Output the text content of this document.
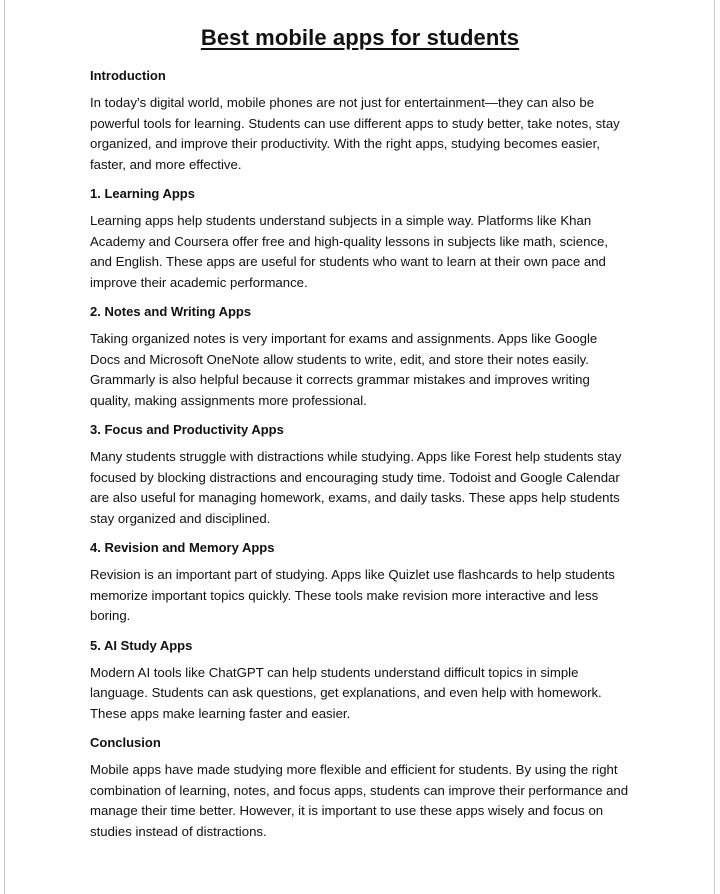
Best mobile apps for students

Introduction

In today’s digital world, mobile phones are not just for entertainment—they can also be powerful tools for learning. Students can use different apps to study better, take notes, stay organized, and improve their productivity. With the right apps, studying becomes easier, faster, and more effective.

1. Learning Apps

Learning apps help students understand subjects in a simple way. Platforms like Khan Academy and Coursera offer free and high-quality lessons in subjects like math, science, and English. These apps are useful for students who want to learn at their own pace and improve their academic performance.

2. Notes and Writing Apps

Taking organized notes is very important for exams and assignments. Apps like Google Docs and Microsoft OneNote allow students to write, edit, and store their notes easily. Grammarly is also helpful because it corrects grammar mistakes and improves writing quality, making assignments more professional.

3. Focus and Productivity Apps

Many students struggle with distractions while studying. Apps like Forest help students stay focused by blocking distractions and encouraging study time. Todoist and Google Calendar are also useful for managing homework, exams, and daily tasks. These apps help students stay organized and disciplined.

4. Revision and Memory Apps

Revision is an important part of studying. Apps like Quizlet use flashcards to help students memorize important topics quickly. These tools make revision more interactive and less boring.

5. AI Study Apps

Modern AI tools like ChatGPT can help students understand difficult topics in simple language. Students can ask questions, get explanations, and even help with homework. These apps make learning faster and easier.

Conclusion

Mobile apps have made studying more flexible and efficient for students. By using the right combination of learning, notes, and focus apps, students can improve their performance and manage their time better. However, it is important to use these apps wisely and focus on studies instead of distractions.
